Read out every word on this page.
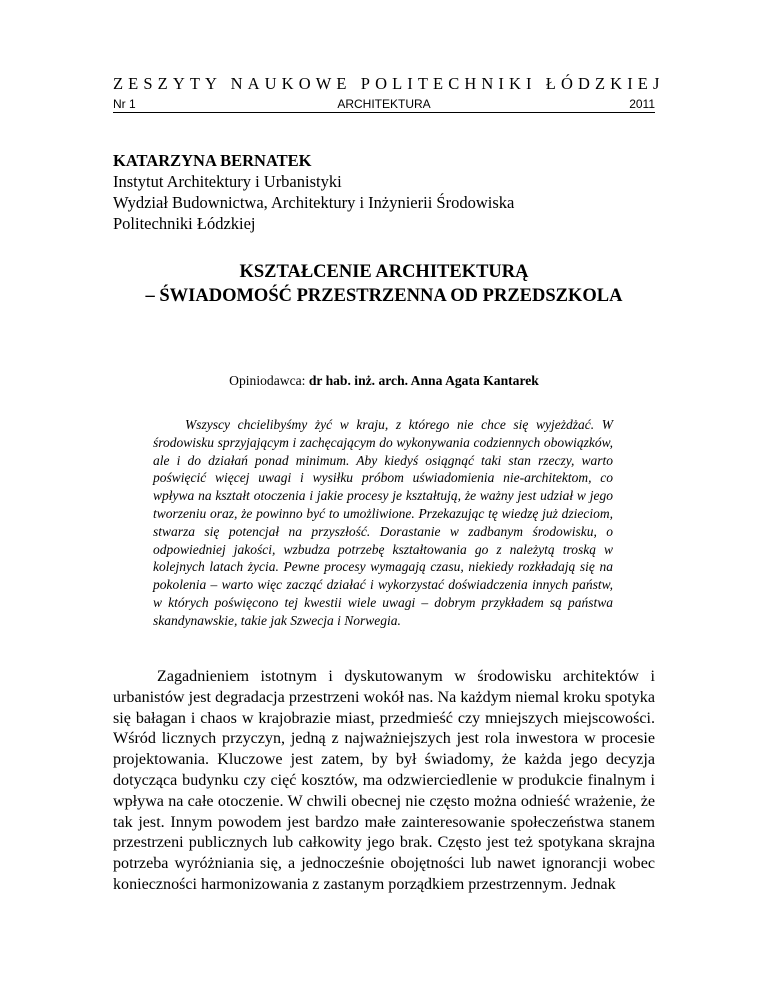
ZESZYTY NAUKOWE POLITECHNIKI ŁÓDZKIEJ
Nr 1	ARCHITEKTURA	2011
KATARZYNA BERNATEK
Instytut Architektury i Urbanistyki
Wydział Budownictwa, Architektury i Inżynierii Środowiska
Politechniki Łódzkiej
KSZTAŁCENIE ARCHITEKTURĄ
– ŚWIADOMOŚĆ PRZESTRZENNA OD PRZEDSZKOLA
Opiniodawca: dr hab. inż. arch. Anna Agata Kantarek

Wszyscy chcielibyśmy żyć w kraju, z którego nie chce się wyjeżdżać. W środowisku sprzyjającym i zachęcającym do wykonywania codziennych obowiązków, ale i do działań ponad minimum. Aby kiedyś osiągnąć taki stan rzeczy, warto poświęcić więcej uwagi i wysiłku próbom uświadomienia nie-architektom, co wpływa na kształt otoczenia i jakie procesy je kształtują, że ważny jest udział w jego tworzeniu oraz, że powinno być to umożliwione. Przekazując tę wiedzę już dzieciom, stwarza się potencjał na przyszłość. Dorastanie w zadbanym środowisku, o odpowiedniej jakości, wzbudza potrzebę kształtowania go z należytą troską w kolejnych latach życia. Pewne procesy wymagają czasu, niekiedy rozkładają się na pokolenia – warto więc zacząć działać i wykorzystać doświadczenia innych państw, w których poświęcono tej kwestii wiele uwagi – dobrym przykładem są państwa skandynawskie, takie jak Szwecja i Norwegia.

Zagadnieniem istotnym i dyskutowanym w środowisku architektów i urbanistów jest degradacja przestrzeni wokół nas. Na każdym niemal kroku spotyka się bałagan i chaos w krajobrazie miast, przedmieść czy mniejszych miejscowości. Wśród licznych przyczyn, jedną z najważniejszych jest rola inwestora w procesie projektowania. Kluczowe jest zatem, by był świadomy, że każda jego decyzja dotycząca budynku czy cięć kosztów, ma odzwierciedlenie w produkcie finalnym i wpływa na całe otoczenie. W chwili obecnej nie często można odnieść wrażenie, że tak jest. Innym powodem jest bardzo małe zainteresowanie społeczeństwa stanem przestrzeni publicznych lub całkowity jego brak. Często jest też spotykana skrajna potrzeba wyróżniania się, a jednocześnie obojętności lub nawet ignorancji wobec konieczności harmonizowania z zastanym porządkiem przestrzennym. Jednak
